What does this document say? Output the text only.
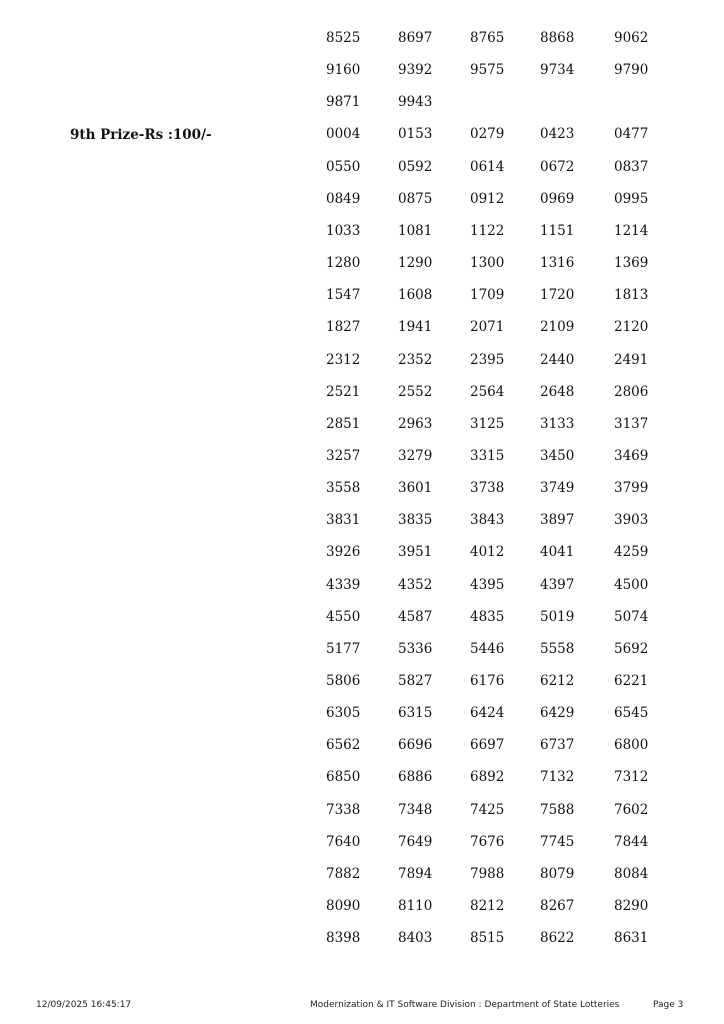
12/09/2025 16:45:17	Modernization & IT Software Division : Department of State Lotteries	Page 3
8525	8697	8765	8868	9062
9160	9392	9575	9734	9790
9871	9943
9th Prize-Rs :100/-	0004	0153	0279	0423	0477
0550	0592	0614	0672	0837
0849	0875	0912	0969	0995
1033	1081	1122	1151	1214
1280	1290	1300	1316	1369
1547	1608	1709	1720	1813
1827	1941	2071	2109	2120
2312	2352	2395	2440	2491
2521	2552	2564	2648	2806
2851	2963	3125	3133	3137
3257	3279	3315	3450	3469
3558	3601	3738	3749	3799
3831	3835	3843	3897	3903
3926	3951	4012	4041	4259
4339	4352	4395	4397	4500
4550	4587	4835	5019	5074
5177	5336	5446	5558	5692
5806	5827	6176	6212	6221
6305	6315	6424	6429	6545
6562	6696	6697	6737	6800
6850	6886	6892	7132	7312
7338	7348	7425	7588	7602
7640	7649	7676	7745	7844
7882	7894	7988	8079	8084
8090	8110	8212	8267	8290
8398	8403	8515	8622	8631
